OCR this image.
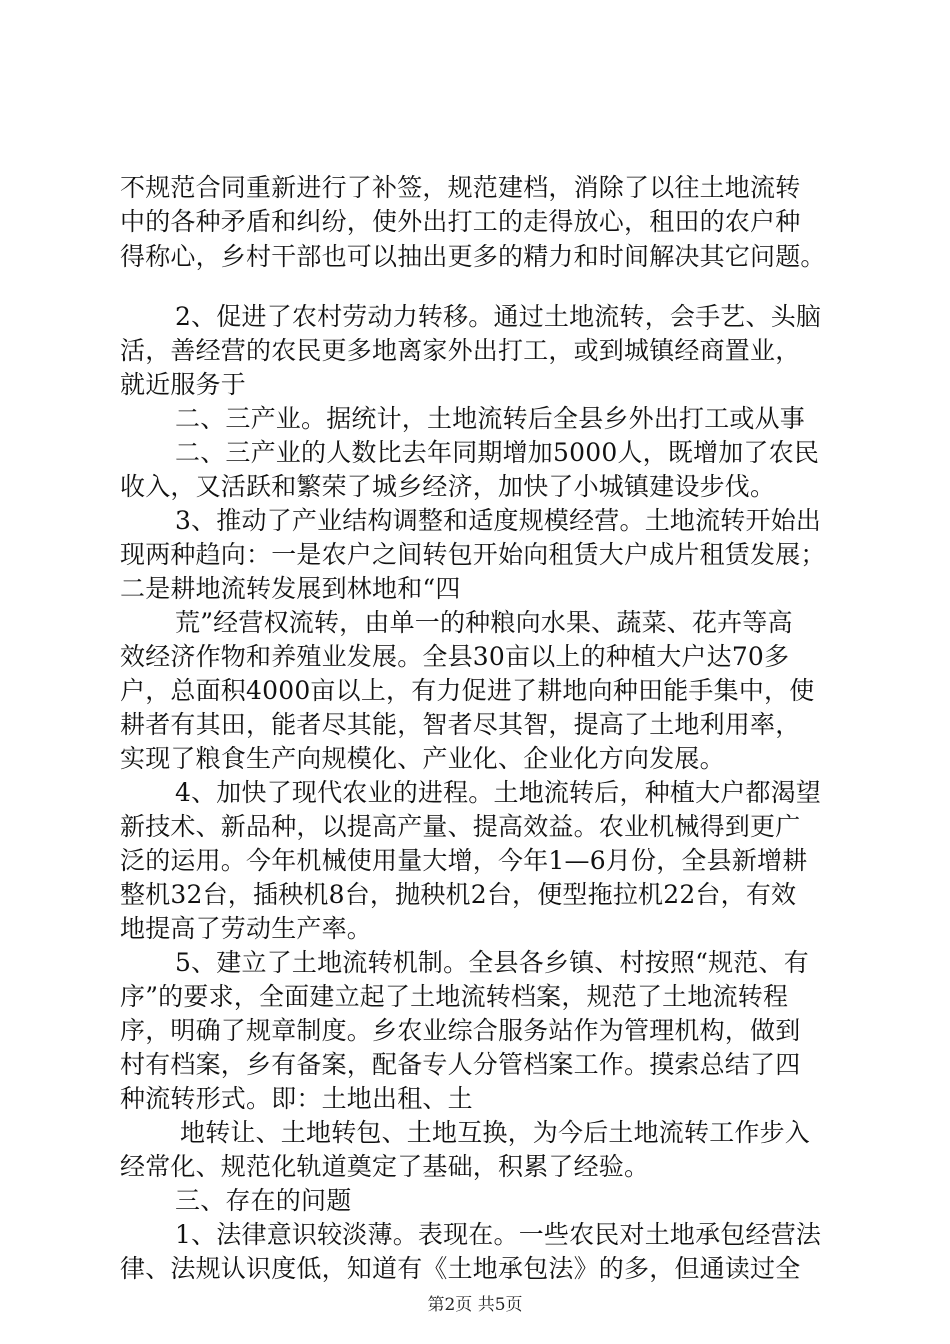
不规范合同重新进行了补签，规范建档，消除了以往土地流转
中的各种矛盾和纠纷，使外出打工的走得放心，租田的农户种
得称心，乡村干部也可以抽出更多的精力和时间解决其它问题。
2、促进了农村劳动力转移。通过土地流转，会手艺、头脑
活，善经营的农民更多地离家外出打工，或到城镇经商置业，
就近服务于
二、三产业。据统计，土地流转后全县乡外出打工或从事
二、三产业的人数比去年同期增加5000人，既增加了农民
收入，又活跃和繁荣了城乡经济，加快了小城镇建设步伐。
3、推动了产业结构调整和适度规模经营。土地流转开始出
现两种趋向：一是农户之间转包开始向租赁大户成片租赁发展；
二是耕地流转发展到林地和“四
荒”经营权流转，由单一的种粮向水果、蔬菜、花卉等高
效经济作物和养殖业发展。全县30亩以上的种植大户达70多
户，总面积4000亩以上，有力促进了耕地向种田能手集中，使
耕者有其田，能者尽其能，智者尽其智，提高了土地利用率，
实现了粮食生产向规模化、产业化、企业化方向发展。
4、加快了现代农业的进程。土地流转后，种植大户都渴望
新技术、新品种，以提高产量、提高效益。农业机械得到更广
泛的运用。今年机械使用量大增，今年1—6月份，全县新增耕
整机32台，插秧机8台，抛秧机2台，便型拖拉机22台，有效
地提高了劳动生产率。
5、建立了土地流转机制。全县各乡镇、村按照“规范、有
序”的要求，全面建立起了土地流转档案，规范了土地流转程
序，明确了规章制度。乡农业综合服务站作为管理机构，做到
村有档案，乡有备案，配备专人分管档案工作。摸索总结了四
种流转形式。即：土地出租、土
地转让、土地转包、土地互换，为今后土地流转工作步入
经常化、规范化轨道奠定了基础，积累了经验。
三、存在的问题
1、法律意识较淡薄。表现在。一些农民对土地承包经营法
律、法规认识度低，知道有《土地承包法》的多，但通读过全
第2页 共5页
